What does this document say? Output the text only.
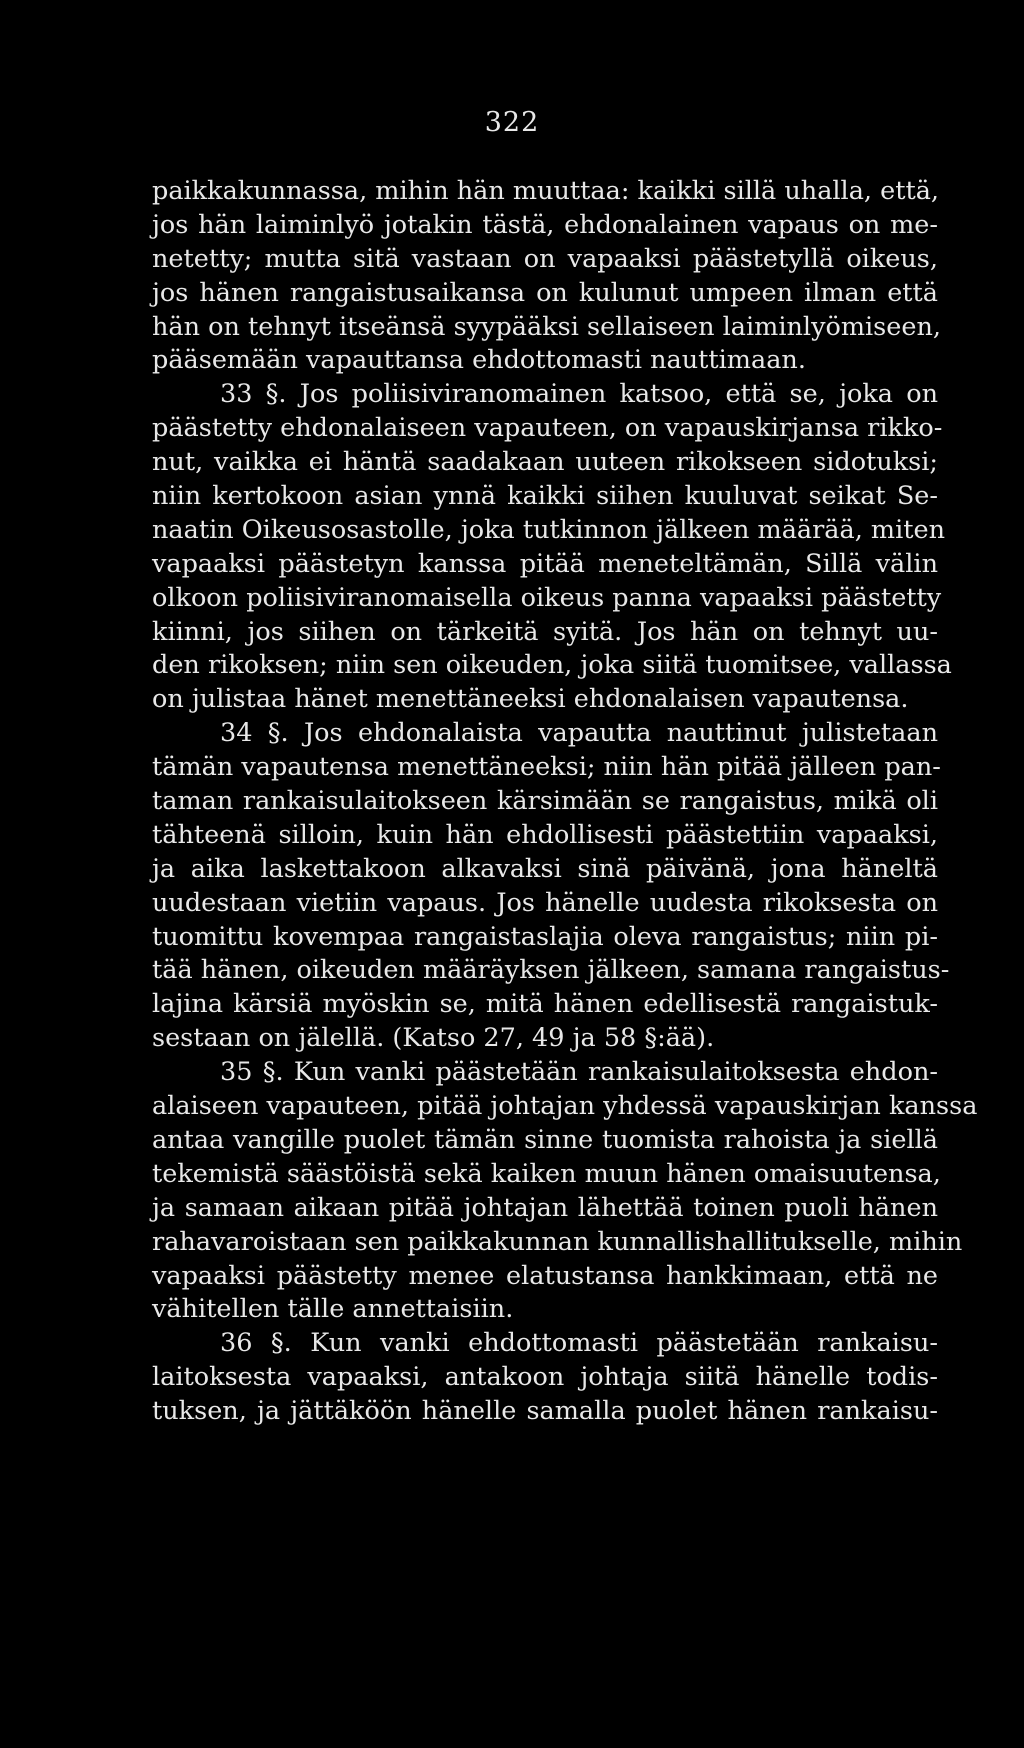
322
paikkakunnassa, mihin hän muuttaa: kaikki sillä uhalla, että,
jos hän laiminlyö jotakin tästä, ehdonalainen vapaus on me-
netetty; mutta sitä vastaan on vapaaksi päästetyllä oikeus,
jos hänen rangaistusaikansa on kulunut umpeen ilman että
hän on tehnyt itseänsä syypääksi sellaiseen laiminlyömiseen,
pääsemään vapauttansa ehdottomasti nauttimaan.
33 §. Jos poliisiviranomainen katsoo, että se, joka on
päästetty ehdonalaiseen vapauteen, on vapauskirjansa rikko-
nut, vaikka ei häntä saadakaan uuteen rikokseen sidotuksi;
niin kertokoon asian ynnä kaikki siihen kuuluvat seikat Se-
naatin Oikeusosastolle, joka tutkinnon jälkeen määrää, miten
vapaaksi päästetyn kanssa pitää meneteltämän, Sillä välin
olkoon poliisiviranomaisella oikeus panna vapaaksi päästetty
kiinni, jos siihen on tärkeitä syitä. Jos hän on tehnyt uu-
den rikoksen; niin sen oikeuden, joka siitä tuomitsee, vallassa
on julistaa hänet menettäneeksi ehdonalaisen vapautensa.
34 §. Jos ehdonalaista vapautta nauttinut julistetaan
tämän vapautensa menettäneeksi; niin hän pitää jälleen pan-
taman rankaisulaitokseen kärsimään se rangaistus, mikä oli
tähteenä silloin, kuin hän ehdollisesti päästettiin vapaaksi,
ja aika laskettakoon alkavaksi sinä päivänä, jona häneltä
uudestaan vietiin vapaus. Jos hänelle uudesta rikoksesta on
tuomittu kovempaa rangaistaslajia oleva rangaistus; niin pi-
tää hänen, oikeuden määräyksen jälkeen, samana rangaistus-
lajina kärsiä myöskin se, mitä hänen edellisestä rangaistuk-
sestaan on jälellä. (Katso 27, 49 ja 58 §:ää).
35 §. Kun vanki päästetään rankaisulaitoksesta ehdon-
alaiseen vapauteen, pitää johtajan yhdessä vapauskirjan kanssa
antaa vangille puolet tämän sinne tuomista rahoista ja siellä
tekemistä säästöistä sekä kaiken muun hänen omaisuutensa,
ja samaan aikaan pitää johtajan lähettää toinen puoli hänen
rahavaroistaan sen paikkakunnan kunnallishallitukselle, mihin
vapaaksi päästetty menee elatustansa hankkimaan, että ne
vähitellen tälle annettaisiin.
36 §. Kun vanki ehdottomasti päästetään rankaisu-
laitoksesta vapaaksi, antakoon johtaja siitä hänelle todis-
tuksen, ja jättäköön hänelle samalla puolet hänen rankaisu-
